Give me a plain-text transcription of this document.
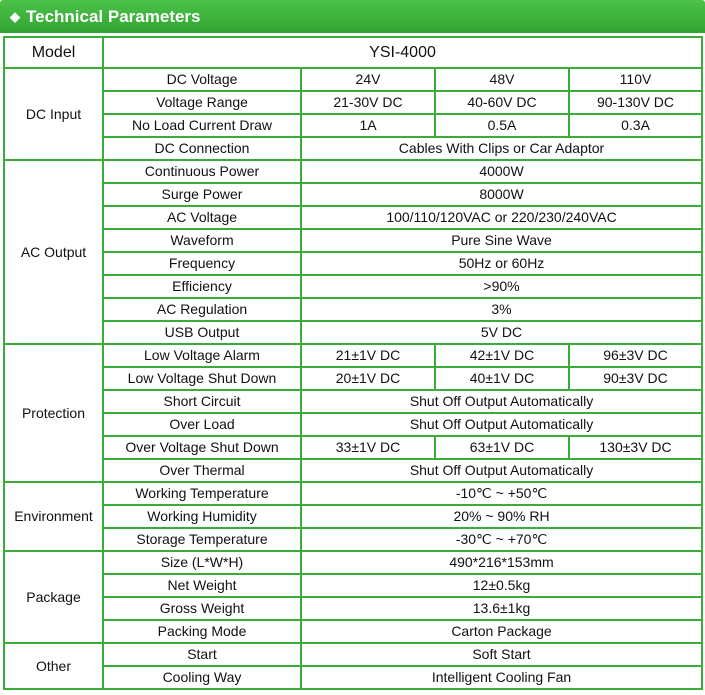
◆ Technical Parameters
Model	YSI-4000			
DC Input	DC Voltage	24V	48V	110V
	Voltage Range	21-30V DC	40-60V DC	90-130V DC
	No Load Current Draw	1A	0.5A	0.3A
	DC Connection	Cables With Clips or Car Adaptor		
AC Output	Continuous Power	4000W		
	Surge Power	8000W		
	AC Voltage	100/110/120VAC or 220/230/240VAC		
	Waveform	Pure Sine Wave		
	Frequency	50Hz or 60Hz		
	Efficiency	>90%		
	AC Regulation	3%		
	USB Output	5V DC		
Protection	Low Voltage Alarm	21±1V DC	42±1V DC	96±3V DC
	Low Voltage Shut Down	20±1V DC	40±1V DC	90±3V DC
	Short Circuit	Shut Off Output Automatically		
	Over Load	Shut Off Output Automatically		
	Over Voltage Shut Down	33±1V DC	63±1V DC	130±3V DC
	Over Thermal	Shut Off Output Automatically		
Environment	Working Temperature	-10℃ ~ +50℃		
	Working Humidity	20% ~ 90% RH		
	Storage Temperature	-30℃ ~ +70℃		
Package	Size (L*W*H)	490*216*153mm		
	Net Weight	12±0.5kg		
	Gross Weight	13.6±1kg		
	Packing Mode	Carton Package		
Other	Start	Soft Start		
	Cooling Way	Intelligent Cooling Fan		
